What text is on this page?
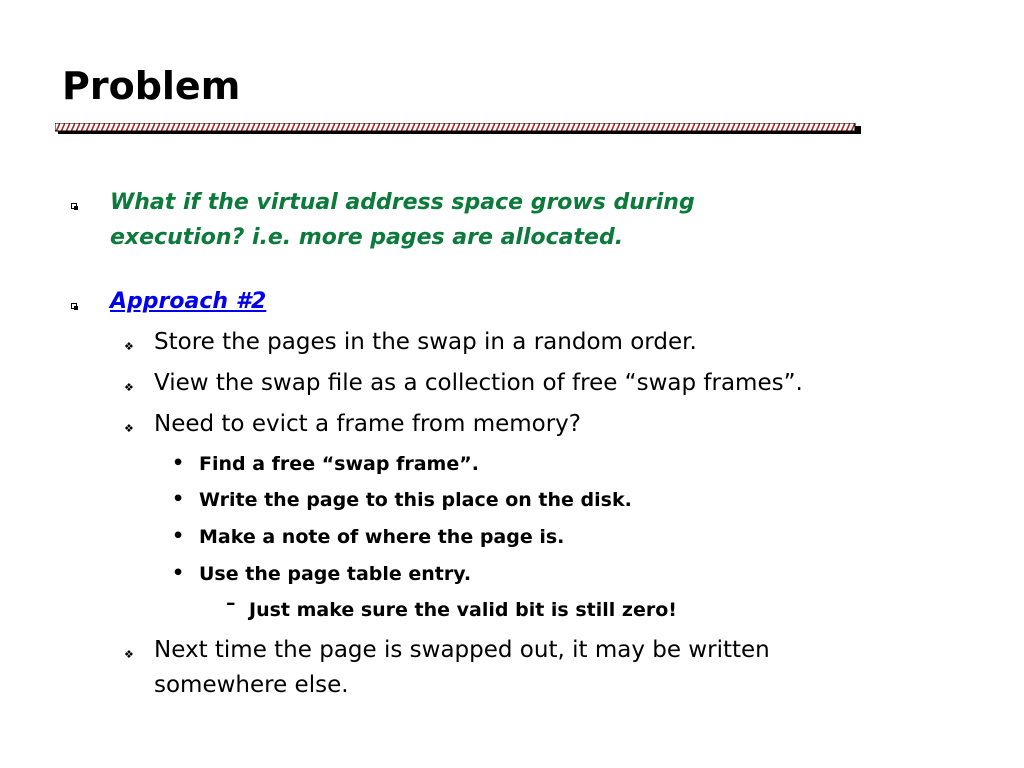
Problem
What if the virtual address space grows during
execution? i.e. more pages are allocated.
Approach #2
❖ Store the pages in the swap in a random order.
❖ View the swap file as a collection of free “swap frames”.
❖ Need to evict a frame from memory?
• Find a free “swap frame”.
• Write the page to this place on the disk.
• Make a note of where the page is.
• Use the page table entry.
– Just make sure the valid bit is still zero!
❖ Next time the page is swapped out, it may be written
somewhere else.
